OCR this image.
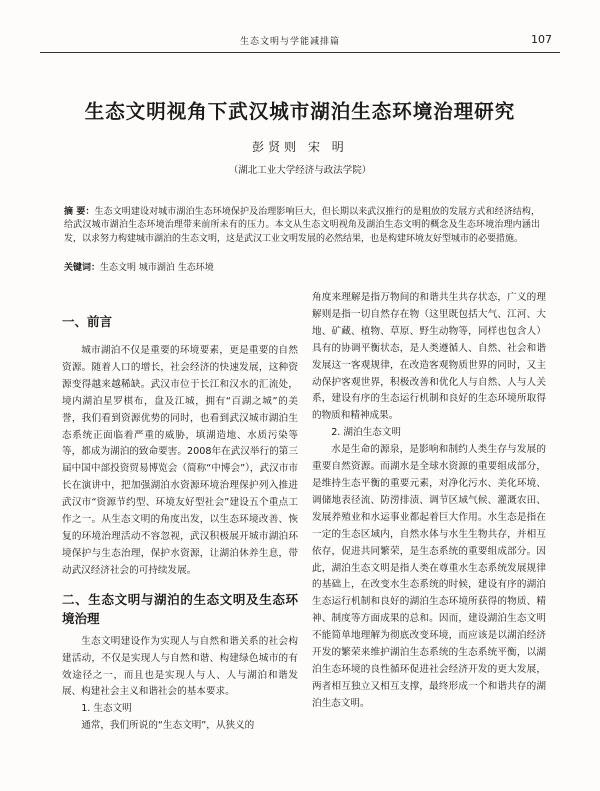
生态文明与学能减排篇	107
生态文明视角下武汉城市湖泊生态环境治理研究
彭贤则 宋 明
（湖北工业大学经济与政法学院）
摘 要：生态文明建设对城市湖泊生态环境保护及治理影响巨大，但长期以来武汉推行的是粗放的发展方式和经济结构，给武汉城市湖泊生态环境治理带来前所未有的压力。本文从生态文明视角及湖泊生态文明的概念及生态环境治理内涵出发，以求努力构建城市湖泊的生态文明，这是武汉工业文明发展的必然结果，也是构建环境友好型城市的必要措施。
关键词：生态文明 城市湖泊 生态环境

一、前言

城市湖泊不仅是重要的环境要素，更是重要的自然资源。随着人口的增长，社会经济的快速发展，这种资源变得越来越稀缺。武汉市位于长江和汉水的汇流处，境内湖泊星罗棋布，盘及江城，拥有“百湖之城”的美誉，我们看到资源优势的同时，也看到武汉城市湖泊生态系统正面临着严重的威胁，填湖造地、水质污染等等，都成为湖泊的致命要害。2008年在武汉举行的第三届中国中部投资贸易博览会（简称“中博会”），武汉市市长在演讲中，把加强湖泊水资源环境治理保护列入推进武汉市“资源节约型、环境友好型社会”建设五个重点工作之一。从生态文明的角度出发，以生态环境改善、恢复的环境治理活动不容忽视，武汉积极展开城市湖泊环境保护与生态治理，保护水资源，让湖泊休养生息，带动武汉经济社会的可持续发展。

二、生态文明与湖泊的生态文明及生态环境治理

生态文明建设作为实现人与自然和谐关系的社会构建活动，不仅是实现人与自然和谐、构建绿色城市的有效途径之一，而且也是实现人与人、人与湖泊和谐发展、构建社会主义和谐社会的基本要求。

1. 生态文明

通常，我们所说的“生态文明”，从狭义的

角度来理解是指万物间的和谐共生共存状态，广义的理解则是指一切自然存在物（这里既包括大气、江河、大地、矿藏、植物、草原、野生动物等，同样也包含人）具有的协调平衡状态，是人类遵循人、自然、社会和谐发展这一客观规律，在改造客观物质世界的同时，又主动保护客观世界，积极改善和优化人与自然、人与人关系，建设有序的生态运行机制和良好的生态环境所取得的物质和精神成果。

2. 湖泊生态文明

水是生命的源泉，是影响和制约人类生存与发展的重要自然资源。而湖水是全球水资源的重要组成部分，是维持生态平衡的重要元素，对净化污水、美化环境、调储地表径流、防涝排渍、调节区域气候、灌溉农田、发展养殖业和水运事业都起着巨大作用。水生态是指在一定的生态区域内，自然水体与水生生物共存，并相互依存，促进共同繁荣，是生态系统的重要组成部分。因此，湖泊生态文明是指人类在尊重水生态系统发展规律的基础上，在改变水生态系统的时候，建设有序的湖泊生态运行机制和良好的湖泊生态环境所获得的物质、精神、制度等方面成果的总和。因而，建设湖泊生态文明不能简单地理解为彻底改变环境，而应该是以湖泊经济开发的繁荣来维护湖泊生态系统的生态系统平衡，以湖泊生态环境的良性循环促进社会经济开发的更大发展，两者相互独立又相互支撑，最终形成一个和谐共存的湖泊生态文明。
